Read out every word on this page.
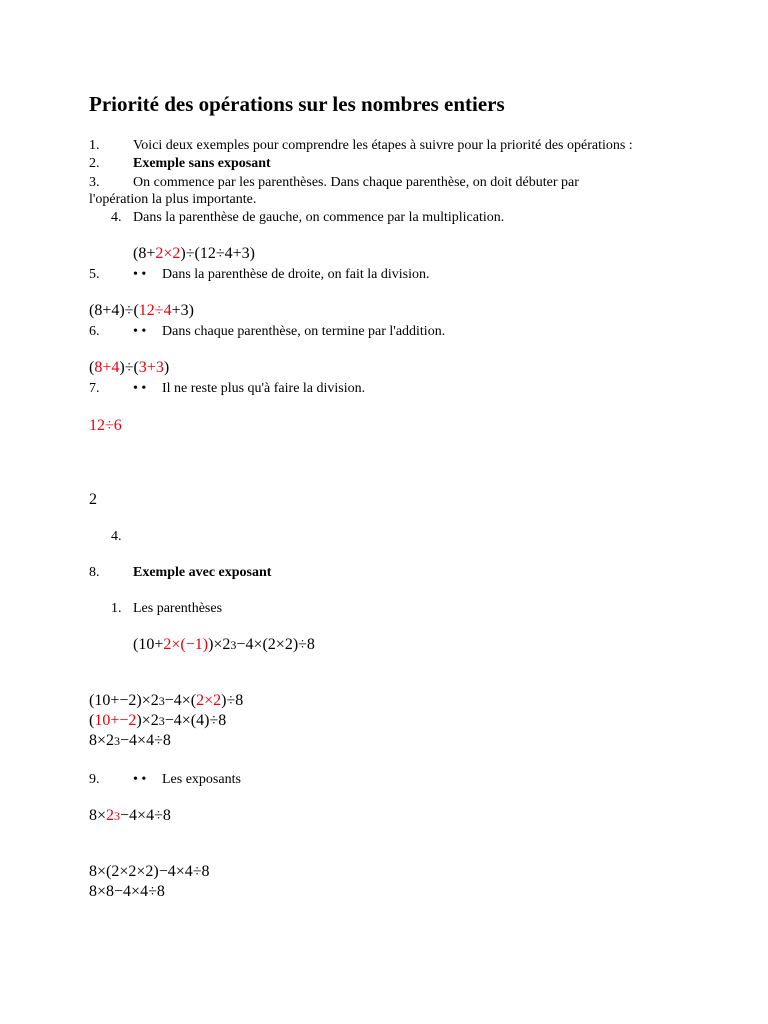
Priorité des opérations sur les nombres entiers
1. Voici deux exemples pour comprendre les étapes à suivre pour la priorité des opérations :
2. Exemple sans exposant
3. On commence par les parenthèses. Dans chaque parenthèse, on doit débuter par
l'opération la plus importante.
4. Dans la parenthèse de gauche, on commence par la multiplication.
(8+2×2)÷(12÷4+3)
5. • • Dans la parenthèse de droite, on fait la division.
(8+4)÷(12÷4+3)
6. • • Dans chaque parenthèse, on termine par l'addition.
(8+4)÷(3+3)
7. • • Il ne reste plus qu'à faire la division.
12÷6
2
4.
8. Exemple avec exposant
1. Les parenthèses
(10+2×(−1))×23−4×(2×2)÷8
(10+−2)×23−4×(2×2)÷8
(10+−2)×23−4×(4)÷8
8×23−4×4÷8
9. • • Les exposants
8×23−4×4÷8
8×(2×2×2)−4×4÷8
8×8−4×4÷8
